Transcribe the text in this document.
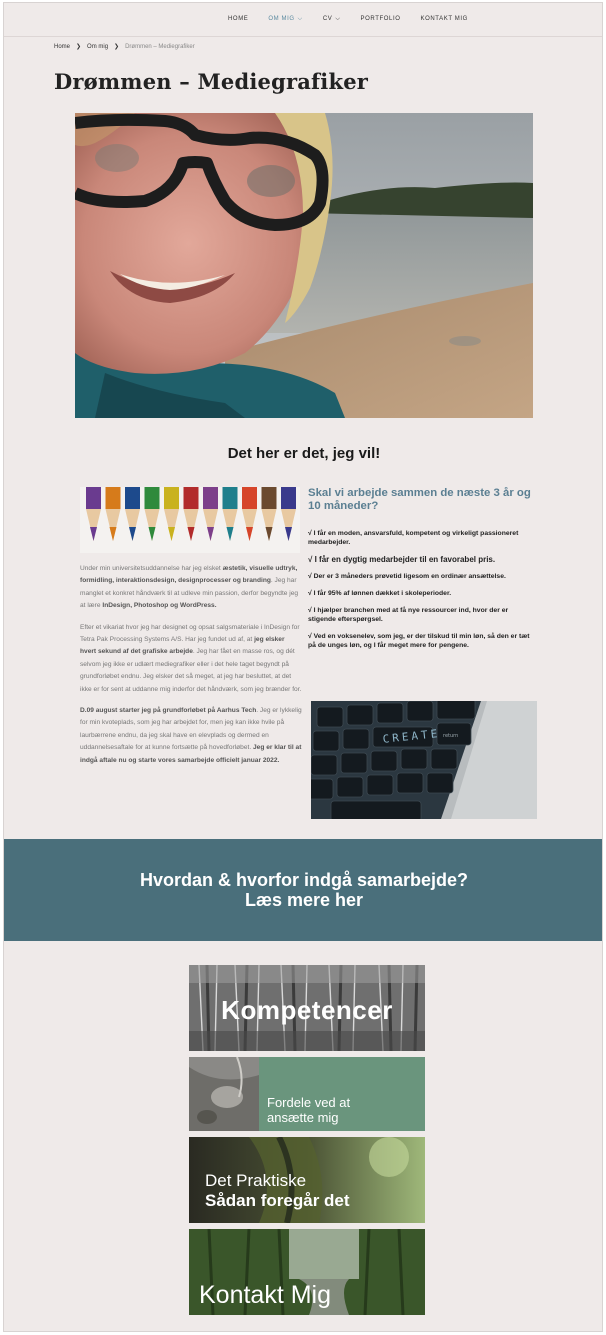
HOME	OM MIG ⌵	CV ⌵	PORTFOLIO	KONTAKT MIG
Home ❯ Om mig ❯ Drømmen – Mediegrafiker
Drømmen – Mediegrafiker
Det her er det, jeg vil!

Under min universitetsuddannelse har jeg elsket æstetik, visuelle udtryk, formidling, interaktionsdesign, designprocesser og branding. Jeg har manglet et konkret håndværk til at udleve min passion, derfor begyndte jeg at lære InDesign, Photoshop og WordPress.

Efter et vikariat hvor jeg har designet og opsat salgsmateriale i InDesign for Tetra Pak Processing Systems A/S. Har jeg fundet ud af, at jeg elsker hvert sekund af det grafiske arbejde. Jeg har fået en masse ros, og dét selvom jeg ikke er udlært mediegrafiker eller i det hele taget begyndt på grundforløbet endnu. Jeg elsker det så meget, at jeg har besluttet, at det ikke er for sent at uddanne mig inderfor det håndværk, som jeg brænder for.

D.09 august starter jeg på grundforløbet på Aarhus Tech. Jeg er lykkelig for min kvoteplads, som jeg har arbejdet for, men jeg kan ikke hvile på laurbærrene endnu, da jeg skal have en elevplads og dermed en uddannelsesaftale for at kunne fortsætte på hovedforløbet. Jeg er klar til at indgå aftale nu og starte vores samarbejde officielt januar 2022.

Skal vi arbejde sammen de næste 3 år og 10 måneder?
√ I får en moden, ansvarsfuld, kompetent og virkeligt passioneret medarbejder.
√ I får en dygtig medarbejder til en favorabel pris.
√ Der er 3 måneders prøvetid ligesom en ordinær ansættelse.
√ I får 95% af lønnen dækket i skoleperioder.
√ I hjælper branchen med at få nye ressourcer ind, hvor der er stigende efterspørgsel.
√ Ved en voksenelev, som jeg, er der tilskud til min løn, så den er tæt på de unges løn, og I får meget mere for pengene.
CREATE return
Hvordan & hvorfor indgå samarbejde?
Læs mere her
Kompetencer
Fordele ved at
ansætte mig
Det Praktiske
Sådan foregår det
Kontakt Mig
